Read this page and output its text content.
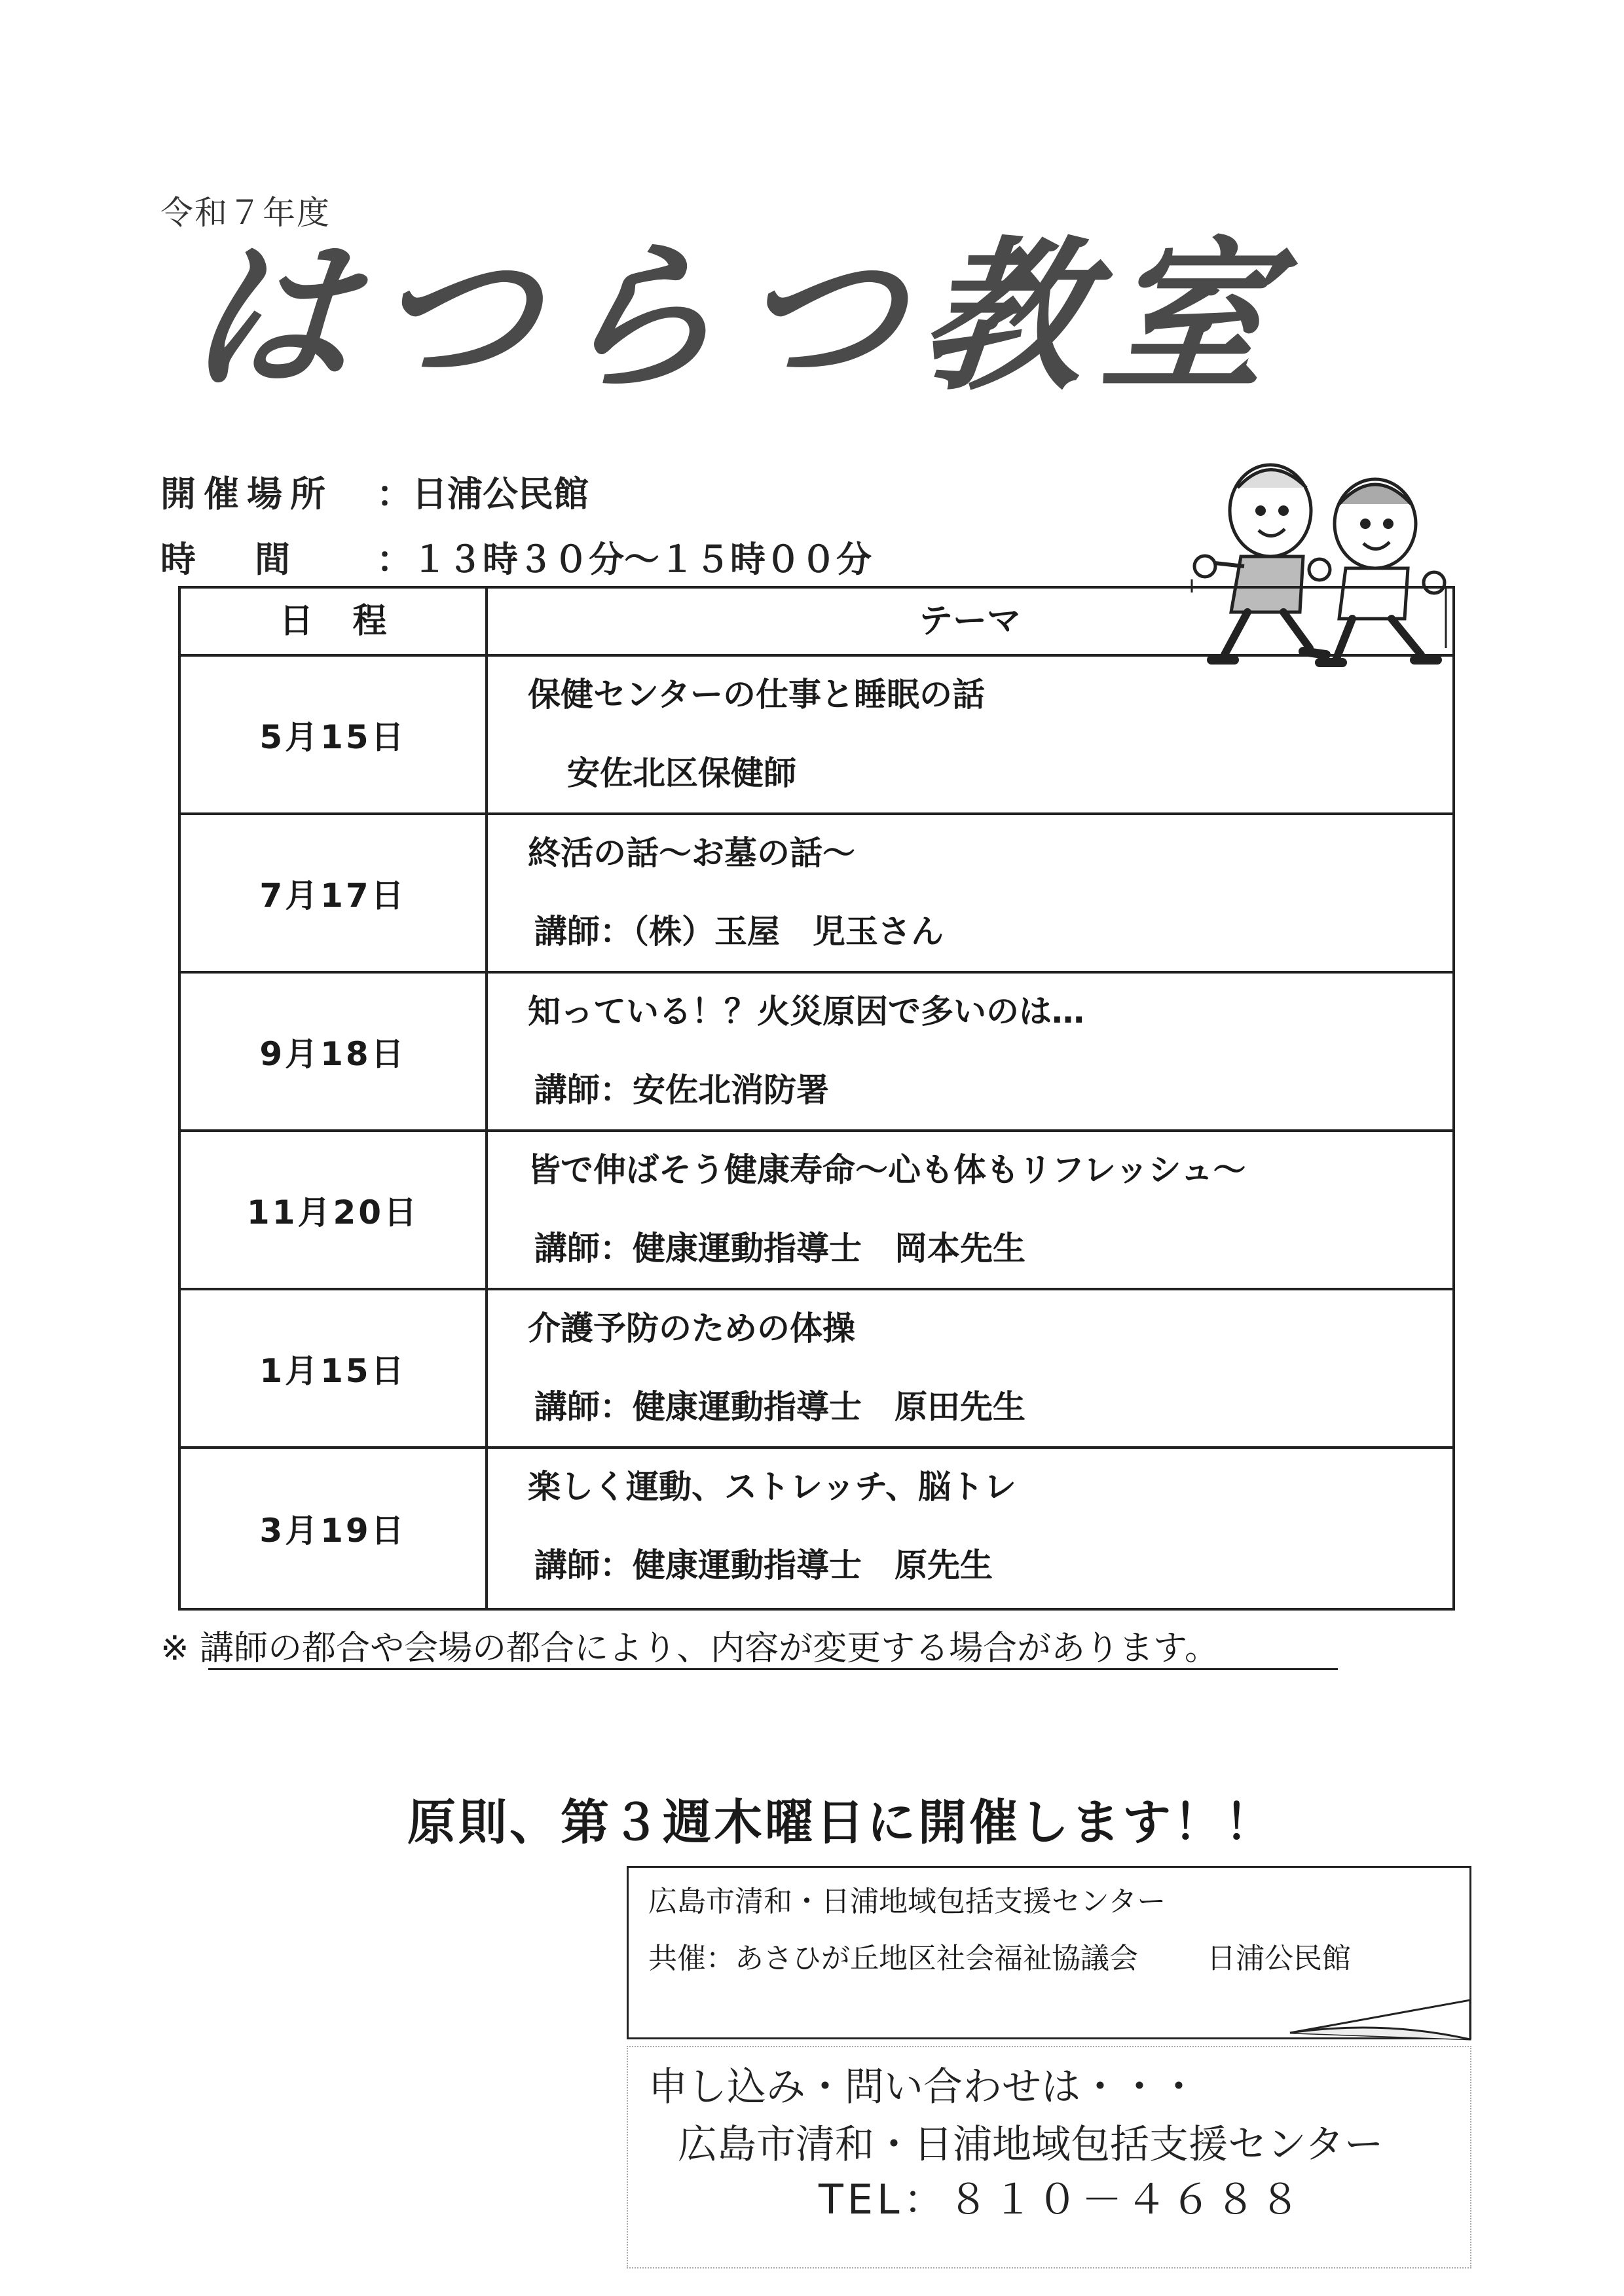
令和７年度
はつらつ教室
開催場所 ：日浦公民館
時間 ：１３時３０分～１５時００分
日程	テーマ
5月15日
保健センターの仕事と睡眠の話
安佐北区保健師
7月17日
終活の話～お墓の話～
講師：（株）玉屋　児玉さん
9月18日
知っている！？火災原因で多いのは…
講師：安佐北消防署
11月20日
皆で伸ばそう健康寿命～心も体もリフレッシュ～
講師：健康運動指導士　岡本先生
1月15日
介護予防のための体操
講師：健康運動指導士　原田先生
3月19日
楽しく運動、ストレッチ、脳トレ
講師：健康運動指導士　原先生
※ 講師の都合や会場の都合により、内容が変更する場合があります。
原則、第３週木曜日に開催します！！
広島市清和・日浦地域包括支援センター
共催：あさひが丘地区社会福祉協議会 日浦公民館
申し込み・問い合わせは・・・
広島市清和・日浦地域包括支援センター
TEL：８１０－４６８８
